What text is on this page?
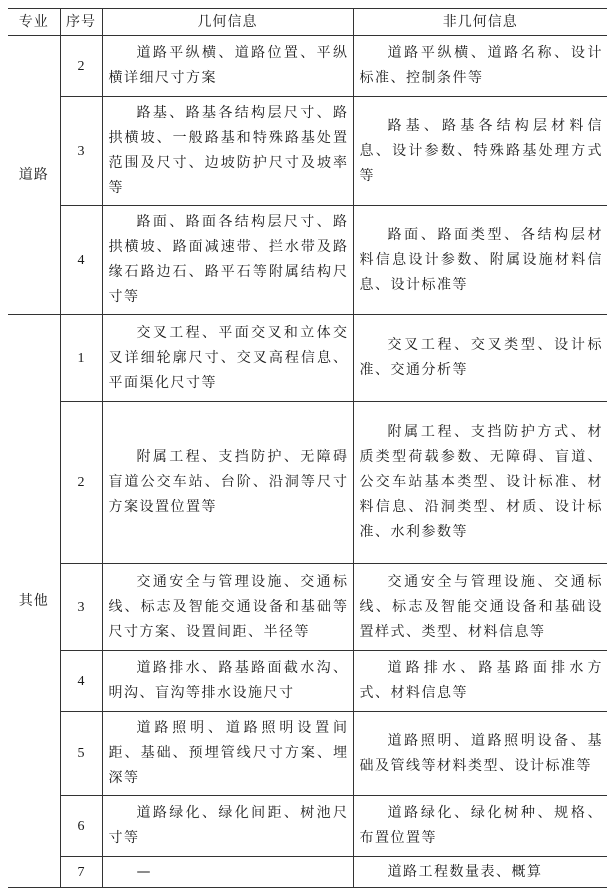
专业	序号	几何信息	非几何信息
道路	2	道路平纵横、道路位置、平纵横详细尺寸方案	道路平纵横、道路名称、设计标准、控制条件等

	3	路基、路基各结构层尺寸、路拱横坡、一般路基和特殊路基处置范围及尺寸、边坡防护尺寸及坡率等	路基、路基各结构层材料信息、设计参数、特殊路基处理方式等

	4	路面、路面各结构层尺寸、路拱横坡、路面减速带、拦水带及路缘石路边石、路平石等附属结构尺寸等	路面、路面类型、各结构层材料信息设计参数、附属设施材料信息、设计标准等

其他	1	交叉工程、平面交叉和立体交叉详细轮廓尺寸、交叉高程信息、平面渠化尺寸等	交叉工程、交叉类型、设计标准、交通分析等

	2	附属工程、支挡防护、无障碍盲道公交车站、台阶、沿洞等尺寸方案设置位置等	附属工程、支挡防护方式、材质类型荷载参数、无障碍、盲道、公交车站基本类型、设计标准、材料信息、沿洞类型、材质、设计标准、水利参数等

	3	交通安全与管理设施、交通标线、标志及智能交通设备和基础等尺寸方案、设置间距、半径等	交通安全与管理设施、交通标线、标志及智能交通设备和基础设置样式、类型、材料信息等

	4	道路排水、路基路面截水沟、明沟、盲沟等排水设施尺寸	道路排水、路基路面排水方式、材料信息等

	5	道路照明、道路照明设置间距、基础、预埋管线尺寸方案、埋深等	道路照明、道路照明设备、基础及管线等材料类型、设计标准等

	6	道路绿化、绿化间距、树池尺寸等	道路绿化、绿化树种、规格、布置位置等

	7	—	道路工程数量表、概算
